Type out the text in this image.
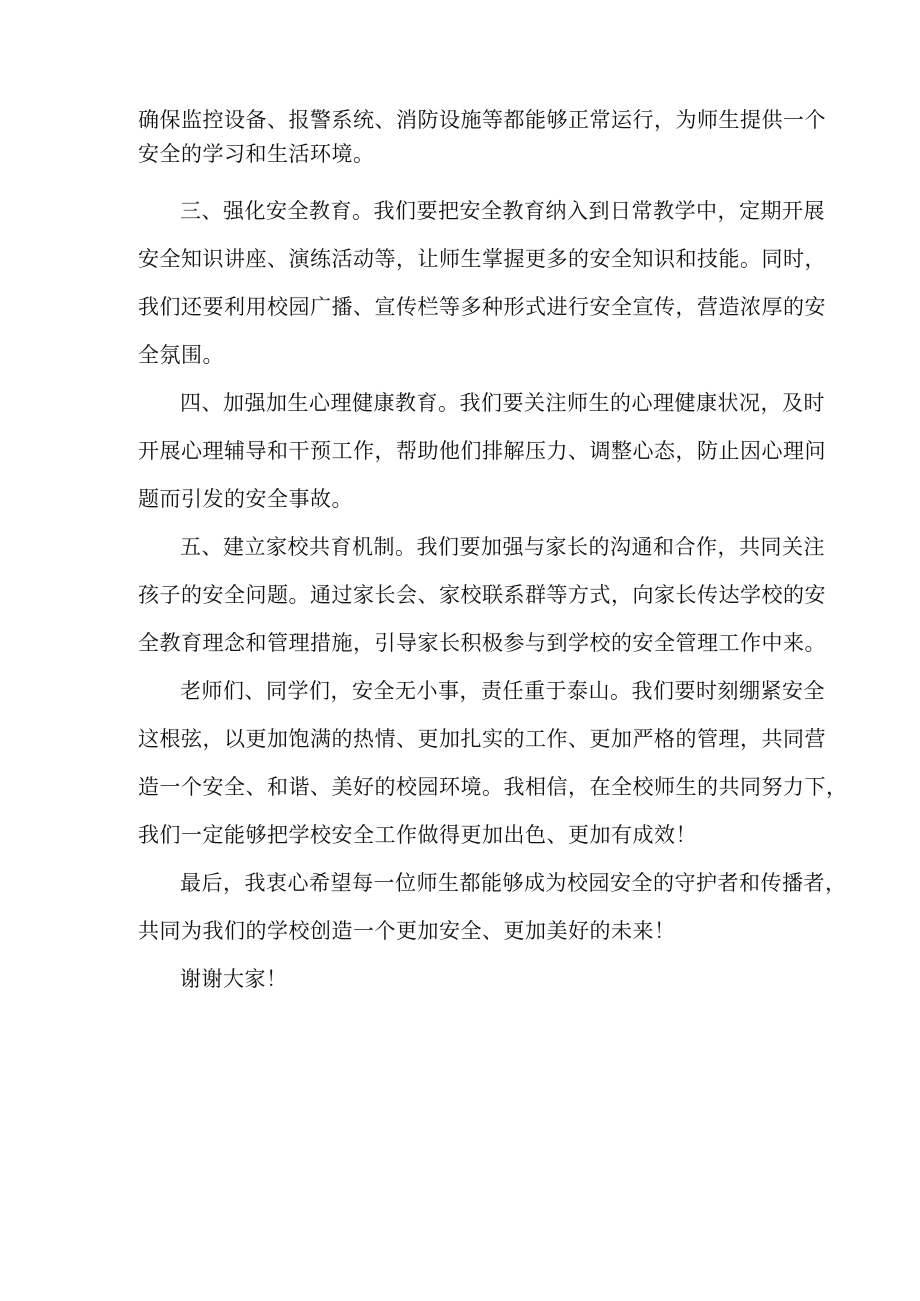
确保监控设备、报警系统、消防设施等都能够正常运行，为师生提供一个
安全的学习和生活环境。

三、强化安全教育。我们要把安全教育纳入到日常教学中，定期开展
安全知识讲座、演练活动等，让师生掌握更多的安全知识和技能。同时，
我们还要利用校园广播、宣传栏等多种形式进行安全宣传，营造浓厚的安
全氛围。

四、加强加生心理健康教育。我们要关注师生的心理健康状况，及时
开展心理辅导和干预工作，帮助他们排解压力、调整心态，防止因心理问
题而引发的安全事故。

五、建立家校共育机制。我们要加强与家长的沟通和合作，共同关注
孩子的安全问题。通过家长会、家校联系群等方式，向家长传达学校的安
全教育理念和管理措施，引导家长积极参与到学校的安全管理工作中来。

老师们、同学们，安全无小事，责任重于泰山。我们要时刻绷紧安全
这根弦，以更加饱满的热情、更加扎实的工作、更加严格的管理，共同营
造一个安全、和谐、美好的校园环境。我相信，在全校师生的共同努力下，
我们一定能够把学校安全工作做得更加出色、更加有成效！

最后，我衷心希望每一位师生都能够成为校园安全的守护者和传播者，
共同为我们的学校创造一个更加安全、更加美好的未来！

谢谢大家！
